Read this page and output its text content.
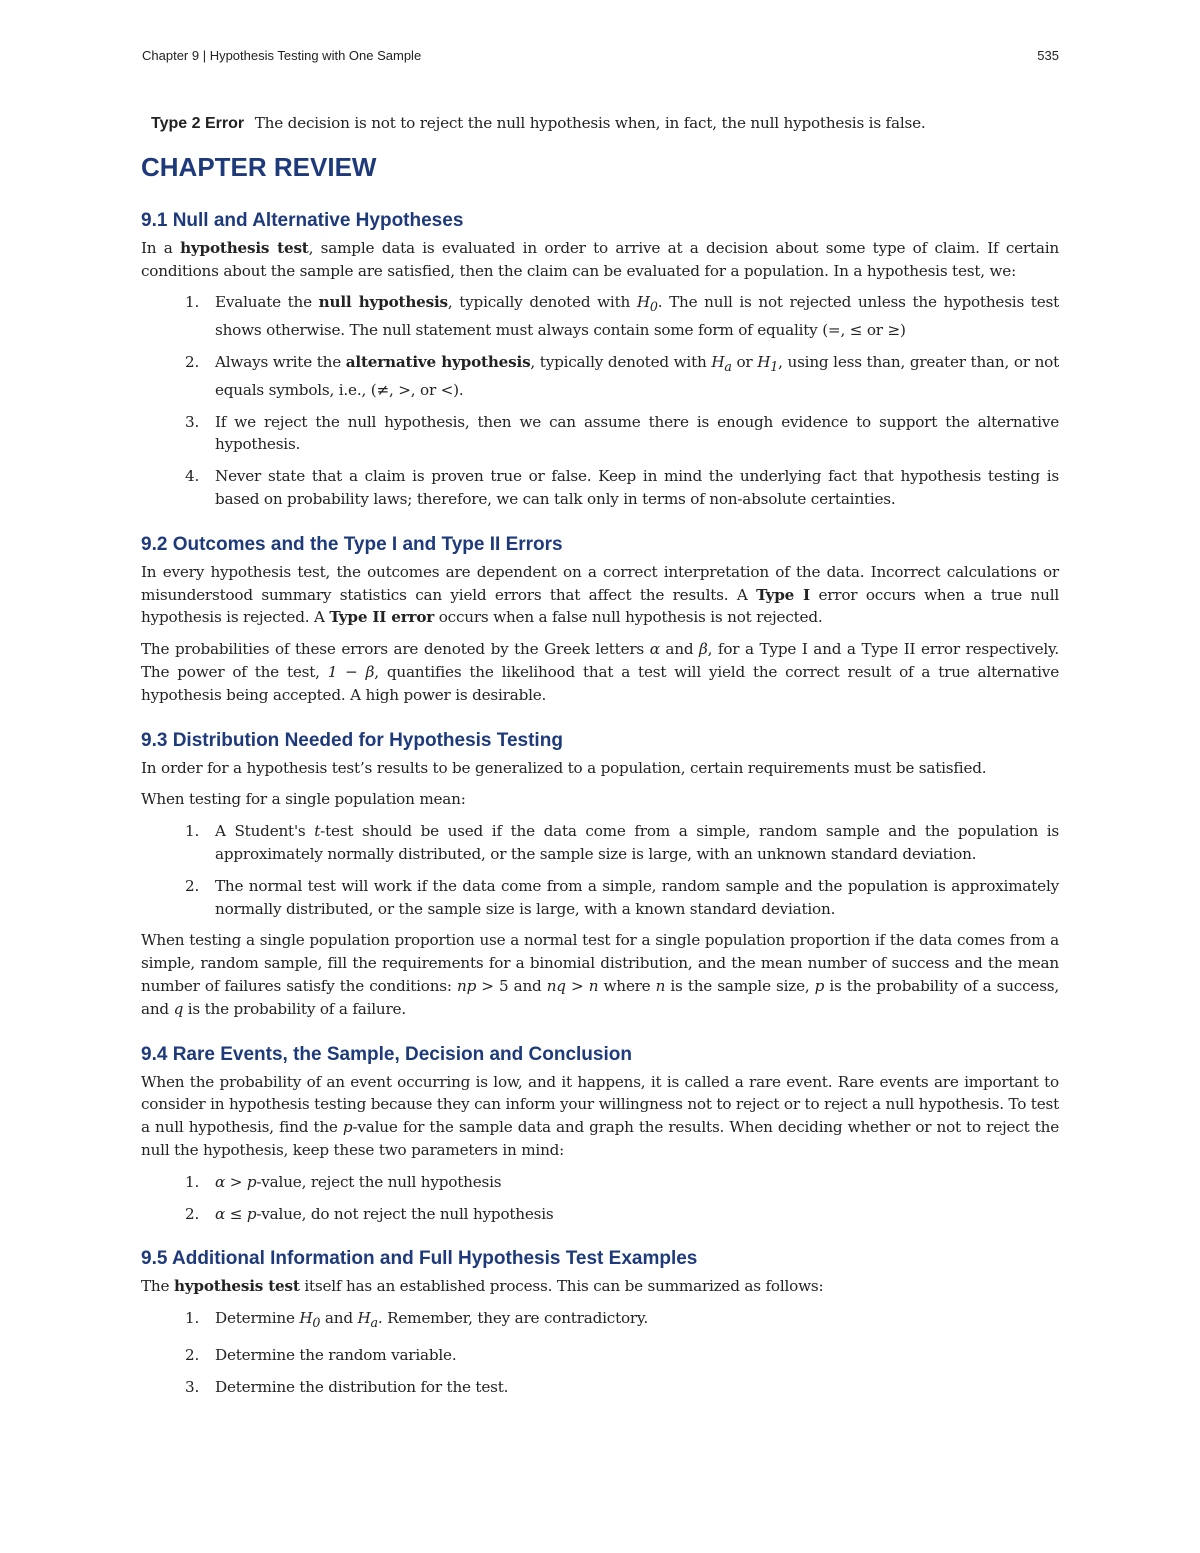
Chapter 9 | Hypothesis Testing with One Sample	535

Type 2 Error The decision is not to reject the null hypothesis when, in fact, the null hypothesis is false.

CHAPTER REVIEW
9.1 Null and Alternative Hypotheses

In a hypothesis test, sample data is evaluated in order to arrive at a decision about some type of claim. If certain conditions about the sample are satisfied, then the claim can be evaluated for a population. In a hypothesis test, we:

1. Evaluate the null hypothesis, typically denoted with $H_0$. The null is not rejected unless the hypothesis test shows otherwise. The null statement must always contain some form of equality (=, ≤ or ≥)
2. Always write the alternative hypothesis, typically denoted with $H_a$ or $H_1$, using less than, greater than, or not equals symbols, i.e., (≠, >, or <).
3. If we reject the null hypothesis, then we can assume there is enough evidence to support the alternative hypothesis.
4. Never state that a claim is proven true or false. Keep in mind the underlying fact that hypothesis testing is based on probability laws; therefore, we can talk only in terms of non-absolute certainties.
9.2 Outcomes and the Type I and Type II Errors

In every hypothesis test, the outcomes are dependent on a correct interpretation of the data. Incorrect calculations or misunderstood summary statistics can yield errors that affect the results. A Type I error occurs when a true null hypothesis is rejected. A Type II error occurs when a false null hypothesis is not rejected.

The probabilities of these errors are denoted by the Greek letters α and β, for a Type I and a Type II error respectively. The power of the test, 1 − β, quantifies the likelihood that a test will yield the correct result of a true alternative hypothesis being accepted. A high power is desirable.

9.3 Distribution Needed for Hypothesis Testing

In order for a hypothesis test’s results to be generalized to a population, certain requirements must be satisfied.

When testing for a single population mean:

1. A Student's t-test should be used if the data come from a simple, random sample and the population is approximately normally distributed, or the sample size is large, with an unknown standard deviation.
2. The normal test will work if the data come from a simple, random sample and the population is approximately normally distributed, or the sample size is large, with a known standard deviation.

When testing a single population proportion use a normal test for a single population proportion if the data comes from a simple, random sample, fill the requirements for a binomial distribution, and the mean number of success and the mean number of failures satisfy the conditions: np > 5 and nq > n where n is the sample size, p is the probability of a success, and q is the probability of a failure.

9.4 Rare Events, the Sample, Decision and Conclusion

When the probability of an event occurring is low, and it happens, it is called a rare event. Rare events are important to consider in hypothesis testing because they can inform your willingness not to reject or to reject a null hypothesis. To test a null hypothesis, find the p-value for the sample data and graph the results. When deciding whether or not to reject the null the hypothesis, keep these two parameters in mind:

1. α > p-value, reject the null hypothesis
2. α ≤ p-value, do not reject the null hypothesis
9.5 Additional Information and Full Hypothesis Test Examples

The hypothesis test itself has an established process. This can be summarized as follows:

1. Determine $H_0$ and $H_a$. Remember, they are contradictory.
2. Determine the random variable.
3. Determine the distribution for the test.
